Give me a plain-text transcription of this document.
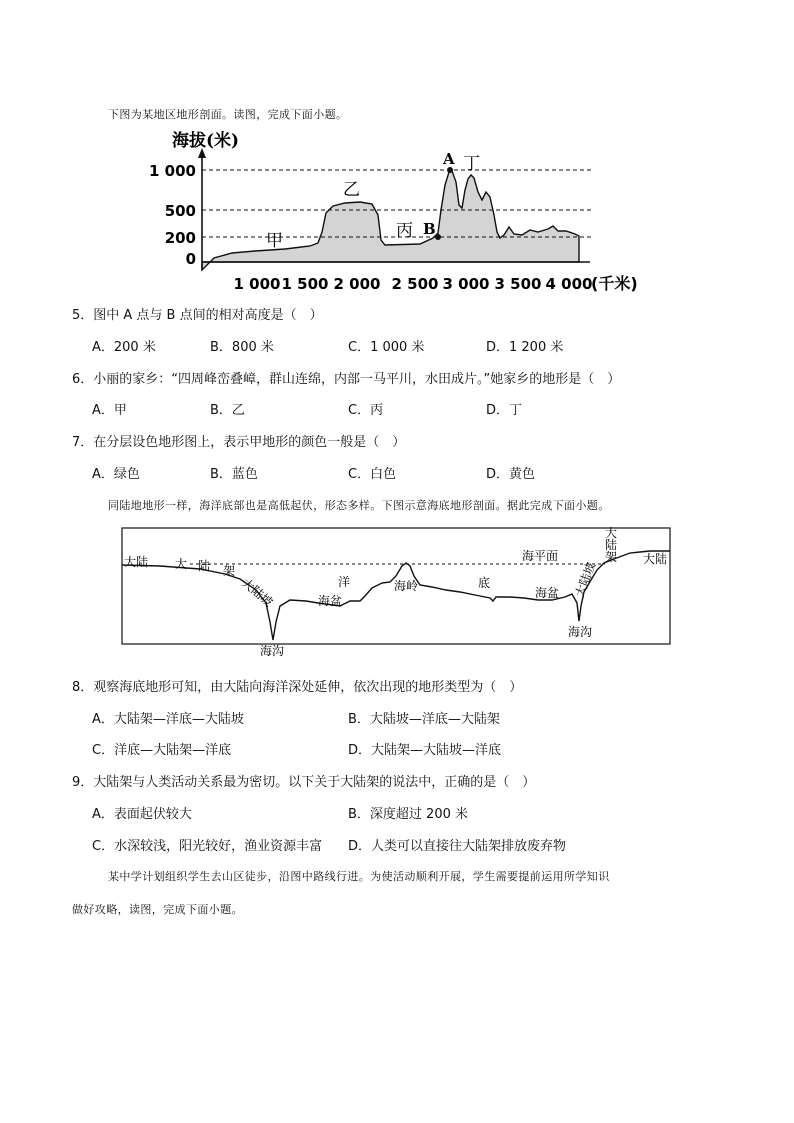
下图为某地区地形剖面。读图，完成下面小题。
海拔(米)
1 000
500
200
0
1 000 1 500 2 000 2 500 3 000 3 500 4 000
(千米)
甲
乙
丙
丁
A
B
5．图中 A 点与 B 点间的相对高度是（　）
A．200 米	B．800 米	C．1 000 米	D．1 200 米
6．小丽的家乡：“四周峰峦叠嶂，群山连绵，内部一马平川，水田成片。”她家乡的地形是（　）
A．甲	B．乙	C．丙	D．丁
7．在分层设色地形图上，表示甲地形的颜色一般是（　）
A．绿色	B．蓝色	C．白色	D．黄色
同陆地地形一样，海洋底部也是高低起伏，形态多样。下图示意海底地形剖面。据此完成下面小题。
大陆 大 陆 架
大陆坡
海沟
洋
海盆
海岭	底
海盆
海平面
海沟
大陆坡
大
陆
架 大陆
8．观察海底地形可知，由大陆向海洋深处延伸，依次出现的地形类型为（　）
A．大陆架—洋底—大陆坡	B．大陆坡—洋底—大陆架
C．洋底—大陆架—洋底	D．大陆架—大陆坡—洋底
9．大陆架与人类活动关系最为密切。以下关于大陆架的说法中，正确的是（　）
A．表面起伏较大	B．深度超过 200 米
C．水深较浅，阳光较好，渔业资源丰富 D．人类可以直接往大陆架排放废弃物
某中学计划组织学生去山区徒步，沿图中路线行进。为使活动顺利开展，学生需要提前运用所学知识
做好攻略，读图，完成下面小题。
